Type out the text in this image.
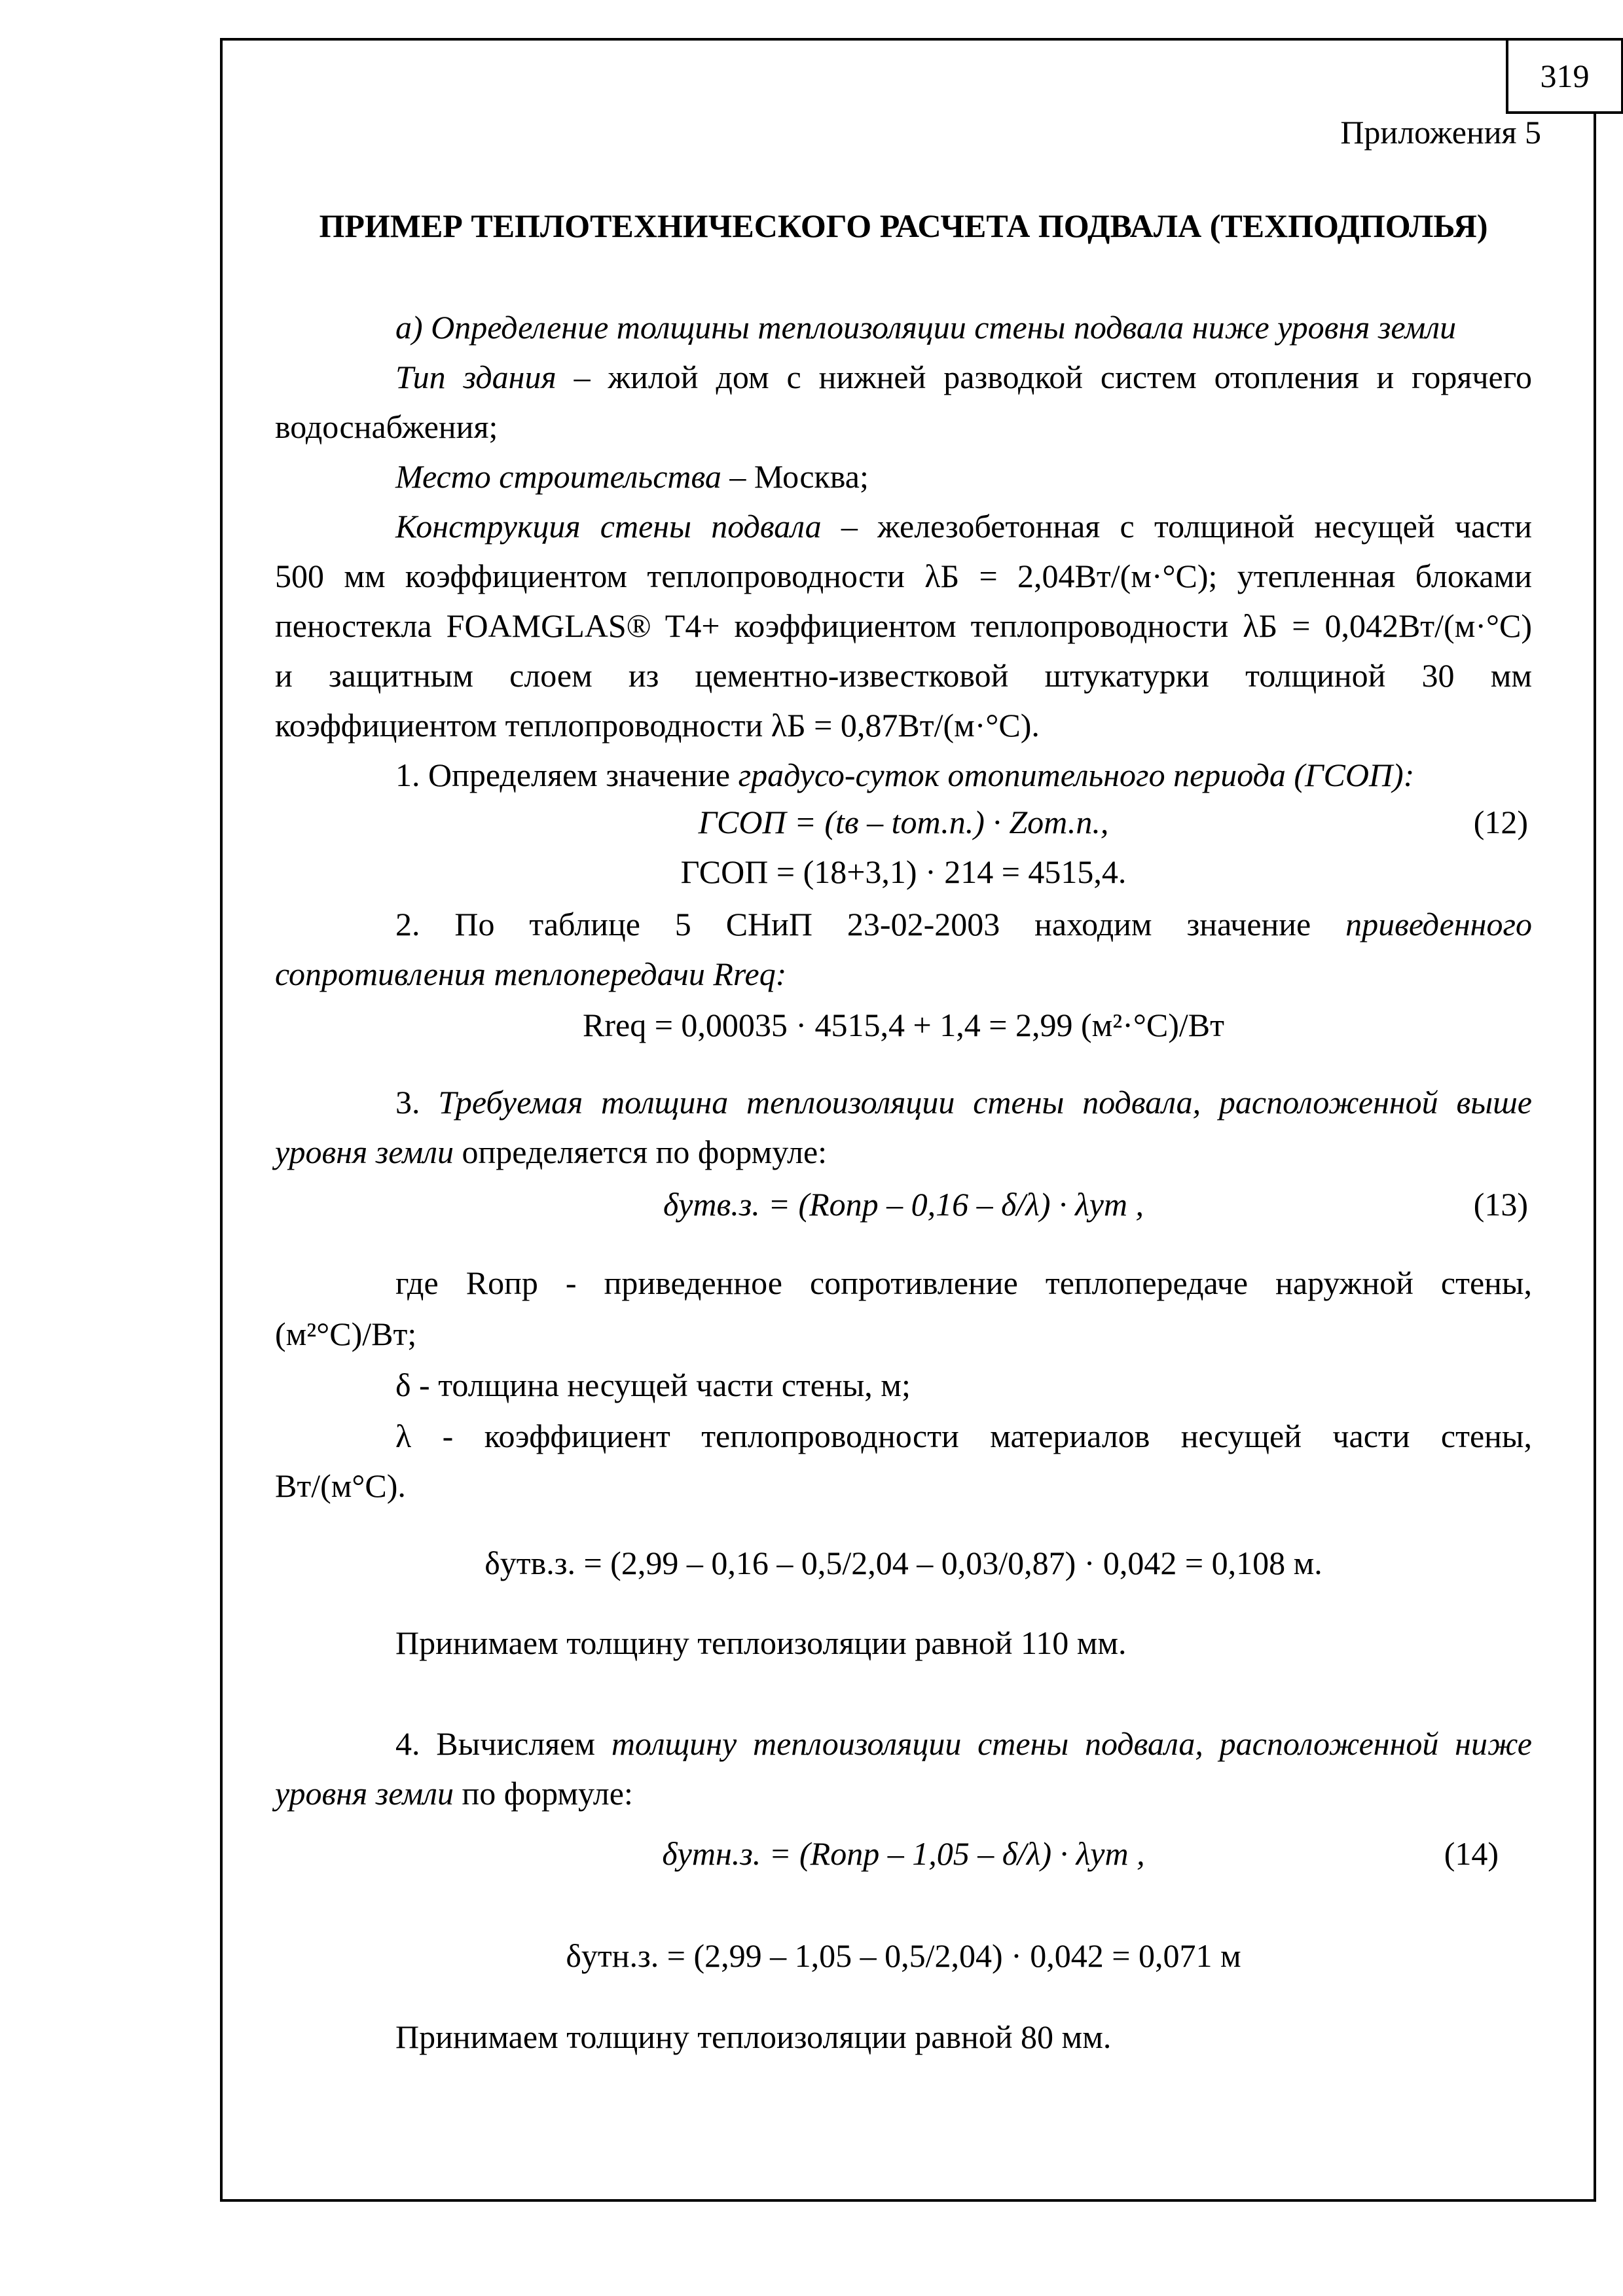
319
Приложения 5
ПРИМЕР ТЕПЛОТЕХНИЧЕСКОГО РАСЧЕТА ПОДВАЛА (ТЕХПОДПОЛЬЯ)
а) Определение толщины теплоизоляции стены подвала ниже уровня земли
Тип здания – жилой дом с нижней разводкой систем отопления и горячего
водоснабжения;
Место строительства – Москва;
Конструкция стены подвала – железобетонная с толщиной несущей части
500 мм коэффициентом теплопроводности λБ = 2,04Вт/(м·°С); утепленная блоками
пеностекла FOAMGLAS® T4+ коэффициентом теплопроводности λБ = 0,042Вт/(м·°С)
и защитным слоем из цементно-известковой штукатурки толщиной 30 мм
коэффициентом теплопроводности λБ = 0,87Вт/(м·°С).
1. Определяем значение градусо-суток отопительного периода (ГСОП):
ГСОП = (tв – tот.п.) · Zот.п.,	(12)
ГСОП = (18+3,1) · 214 = 4515,4.
2. По таблице 5 СНиП 23-02-2003 находим значение приведенного
сопротивления теплопередачи Rreq:
Rreq = 0,00035 · 4515,4 + 1,4 = 2,99 (м²·°С)/Вт
3. Требуемая толщина теплоизоляции стены подвала, расположенной выше
уровня земли определяется по формуле:
δутв.з. = (Rопр – 0,16 – δ/λ) · λут ,	(13)
где Rопр - приведенное сопротивление теплопередаче наружной стены,
(м²°С)/Вт;
δ - толщина несущей части стены, м;
λ - коэффициент теплопроводности материалов несущей части стены,
Вт/(м°С).
δутв.з. = (2,99 – 0,16 – 0,5/2,04 – 0,03/0,87) · 0,042 = 0,108 м.
Принимаем толщину теплоизоляции равной 110 мм.
4. Вычисляем толщину теплоизоляции стены подвала, расположенной ниже
уровня земли по формуле:
δутн.з. = (Rопр – 1,05 – δ/λ) · λут ,	(14)
δутн.з. = (2,99 – 1,05 – 0,5/2,04) · 0,042 = 0,071 м
Принимаем толщину теплоизоляции равной 80 мм.
